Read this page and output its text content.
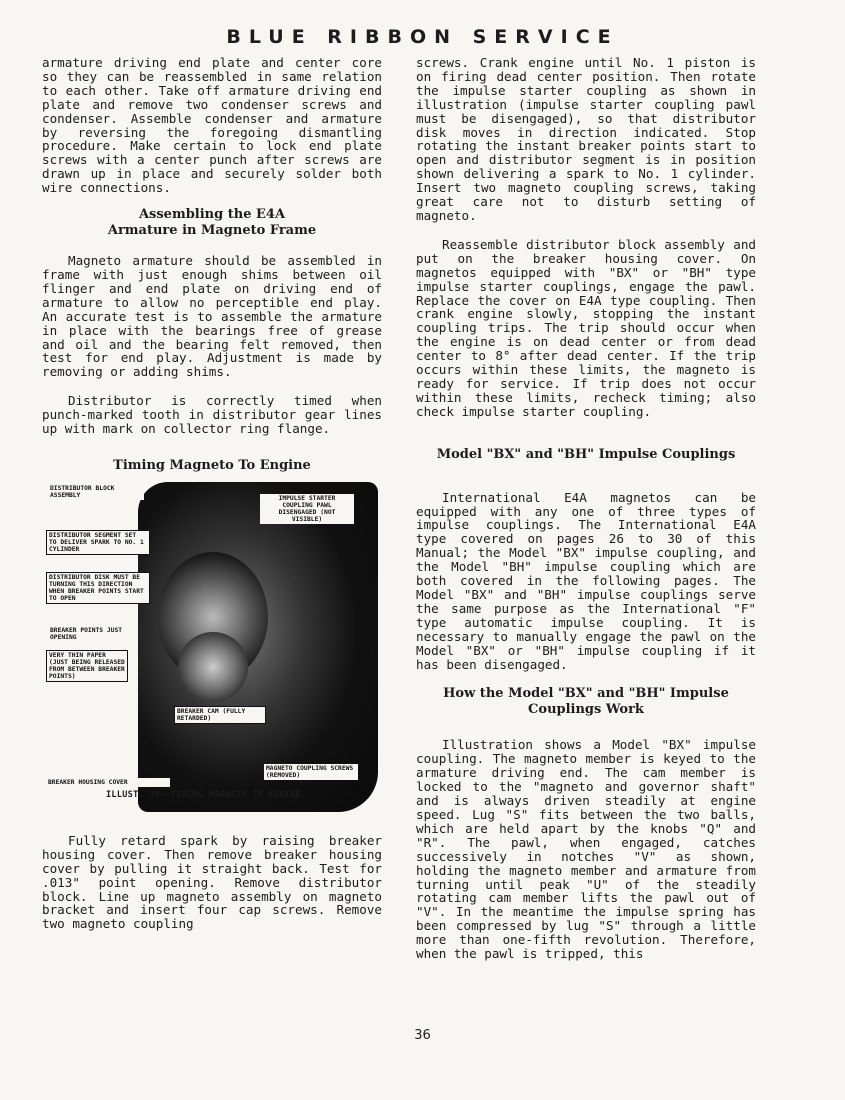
BLUE RIBBON SERVICE

armature driving end plate and center core so they can be reassembled in same relation to each other. Take off armature driving end plate and remove two condenser screws and condenser. Assemble condenser and armature by reversing the foregoing dismantling procedure. Make certain to lock end plate screws with a center punch after screws are drawn up in place and securely solder both wire connections.

Assembling the E4A Armature in Magneto Frame

Magneto armature should be assembled in frame with just enough shims between oil flinger and end plate on driving end of armature to allow no perceptible end play. An accurate test is to assemble the armature in place with the bearings free of grease and oil and the bearing felt removed, then test for end play. Adjustment is made by removing or adding shims.

Distributor is correctly timed when punch-marked tooth in distributor gear lines up with mark on collector ring flange.

Timing Magneto To Engine
DISTRIBUTOR BLOCK ASSEMBLY	IMPULSE STARTER COUPLING PAWL DISENGAGED (NOT VISIBLE)
DISTRIBUTOR SEGMENT SET TO DELIVER SPARK TO NO. 1 CYLINDER
DISTRIBUTOR DISK MUST BE TURNING THIS DIRECTION WHEN BREAKER POINTS START TO OPEN
BREAKER POINTS JUST OPENING
VERY THIN PAPER (JUST BEING RELEASED FROM BETWEEN BREAKER POINTS)
BREAKER CAM (FULLY RETARDED)
MAGNETO COUPLING SCREWS (REMOVED)
BREAKER HOUSING COVER
ILLUST. 70--TIMING MAGNETO TO ENGINE.

Fully retard spark by raising breaker housing cover. Then remove breaker housing cover by pulling it straight back. Test for .013" point opening. Remove distributor block. Line up magneto assembly on magneto bracket and insert four cap screws. Remove two magneto coupling

screws. Crank engine until No. 1 piston is on firing dead center position. Then rotate the impulse starter coupling as shown in illustration (impulse starter coupling pawl must be disengaged), so that distributor disk moves in direction indicated. Stop rotating the instant breaker points start to open and distributor segment is in position shown delivering a spark to No. 1 cylinder. Insert two magneto coupling screws, taking great care not to disturb setting of magneto.

Reassemble distributor block assembly and put on the breaker housing cover. On magnetos equipped with "BX" or "BH" type impulse starter couplings, engage the pawl. Replace the cover on E4A type coupling. Then crank engine slowly, stopping the instant coupling trips. The trip should occur when the engine is on dead center or from dead center to 8° after dead center. If the trip occurs within these limits, the magneto is ready for service. If trip does not occur within these limits, recheck timing; also check impulse starter coupling.

Model "BX" and "BH" Impulse Couplings

International E4A magnetos can be equipped with any one of three types of impulse couplings. The International E4A type covered on pages 26 to 30 of this Manual; the Model "BX" impulse coupling, and the Model "BH" impulse coupling which are both covered in the following pages. The Model "BX" and "BH" impulse couplings serve the same purpose as the International "F" type automatic impulse coupling. It is necessary to manually engage the pawl on the Model "BX" or "BH" impulse coupling if it has been disengaged.

How the Model "BX" and "BH" Impulse Couplings Work

Illustration shows a Model "BX" impulse coupling. The magneto member is keyed to the armature driving end. The cam member is locked to the "magneto and governor shaft" and is always driven steadily at engine speed. Lug "S" fits between the two balls, which are held apart by the knobs "Q" and "R". The pawl, when engaged, catches successively in notches "V" as shown, holding the magneto member and armature from turning until peak "U" of the steadily rotating cam member lifts the pawl out of "V". In the meantime the impulse spring has been compressed by lug "S" through a little more than one-fifth revolution. Therefore, when the pawl is tripped, this

36
